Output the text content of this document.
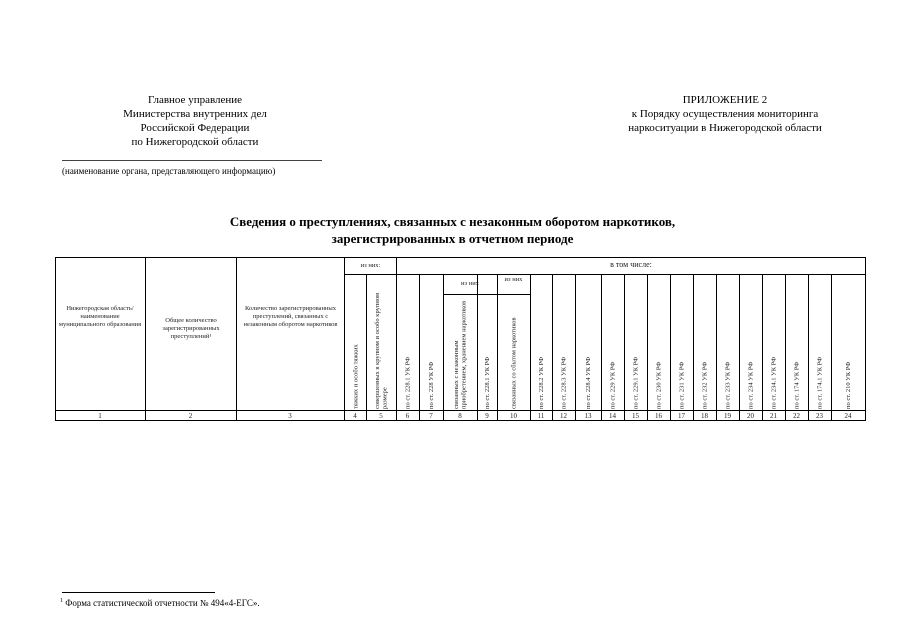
Главное управление
Министерства внутренних дел
Российской Федерации
по Нижегородской области
ПРИЛОЖЕНИЕ 2
к Порядку осуществления мониторинга
наркоситуации в Нижегородской области
(наименование органа, представляющего информацию)
Сведения о преступлениях, связанных с незаконным оборотом наркотиков,
зарегистрированных в отчетном периоде
Нижегородская область/ наименование муниципального образования
Общее количество зарегистрированных преступлений¹
Количество зарегистрированных преступлений, связанных с незаконным оборотом наркотиков
из них:	в том числе:
из них
из них
тяжких и особо тяжких	совершенных в крупном и особо крупном размере	по ст. 228.1 УК РФ	по ст. 228 УК РФ	связанных с незаконным приобретением, хранением наркотиков	по ст. 228.1 УК РФ	связанных со сбытом наркотиков	по ст. 228.2 УК РФ	по ст. 228.3 УК РФ	по ст. 228.4 УК РФ	по ст. 229 УК РФ	по ст. 229.1 УК РФ	по ст. 230 УК РФ	по ст. 231 УК РФ	по ст. 232 УК РФ	по ст. 233 УК РФ	по ст. 234 УК РФ	по ст. 234.1 УК РФ	по ст. 174 УК РФ	по ст. 174.1 УК РФ	по ст. 210 УК РФ
1	2	3	4	5	6	7	8	9	10	11	12	13	14	15	16	17	18	19	20	21	22	23	24
$^1$ Форма статистической отчетности № 494«4-ЕГС».
